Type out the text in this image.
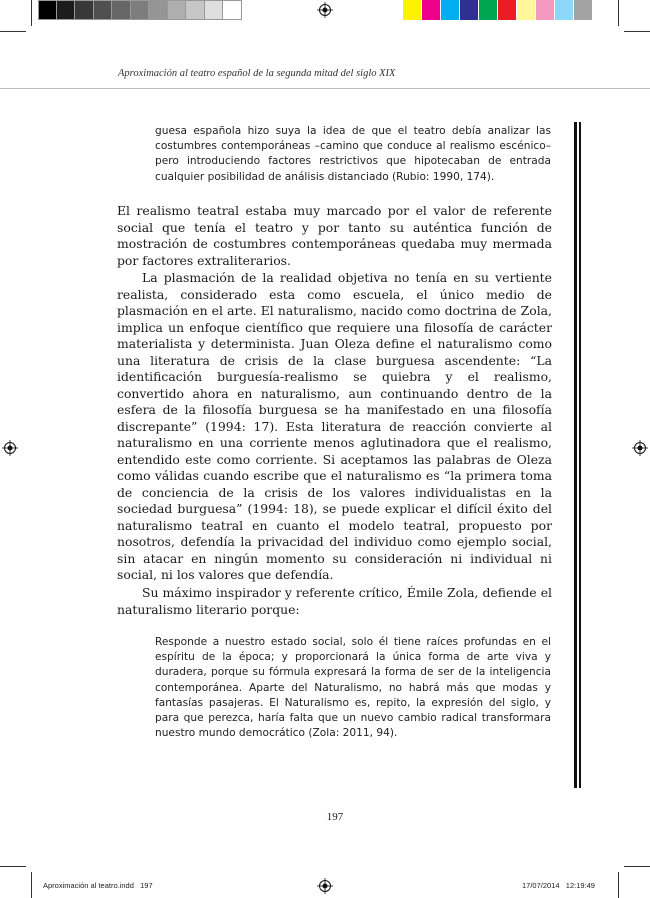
Aproximación al teatro español de la segunda mitad del siglo XIX
guesa española hizo suya la idea de que el teatro debía analizar las costumbres contemporáneas –camino que conduce al realismo escénico– pero introduciendo factores restrictivos que hipotecaban de entrada cualquier posibilidad de análisis distanciado (Rubio: 1990, 174).
El realismo teatral estaba muy marcado por el valor de referente social que tenía el teatro y por tanto su auténtica función de mostración de costumbres contemporáneas quedaba muy mermada por factores extraliterarios.
La plasmación de la realidad objetiva no tenía en su vertiente realista, considerado esta como escuela, el único medio de plasmación en el arte. El naturalismo, nacido como doctrina de Zola, implica un enfoque científico que requiere una filosofía de carácter materialista y determinista. Juan Oleza define el naturalismo como una literatura de crisis de la clase burguesa ascendente: “La identificación burguesía-realismo se quiebra y el realismo, convertido ahora en naturalismo, aun continuando dentro de la esfera de la filosofía burguesa se ha manifestado en una filosofía discrepante” (1994: 17). Esta literatura de reacción convierte al naturalismo en una corriente menos aglutinadora que el realismo, entendido este como corriente. Si aceptamos las palabras de Oleza como válidas cuando escribe que el naturalismo es “la primera toma de conciencia de la crisis de los valores individualistas en la sociedad burguesa” (1994: 18), se puede explicar el difícil éxito del naturalismo teatral en cuanto el modelo teatral, propuesto por nosotros, defendía la privacidad del individuo como ejemplo social, sin atacar en ningún momento su consideración ni individual ni social, ni los valores que defendía.
Su máximo inspirador y referente crítico, Émile Zola, defiende el naturalismo literario porque:
Responde a nuestro estado social, solo él tiene raíces profundas en el espíritu de la época; y proporcionará la única forma de arte viva y duradera, porque su fórmula expresará la forma de ser de la inteligencia contemporánea. Aparte del Naturalismo, no habrá más que modas y fantasías pasajeras. El Naturalismo es, repito, la expresión del siglo, y para que perezca, haría falta que un nuevo cambio radical transformara nuestro mundo democrático (Zola: 2011, 94).
197
Aproximación al teatro.indd   197	17/07/2014   12:19:49
